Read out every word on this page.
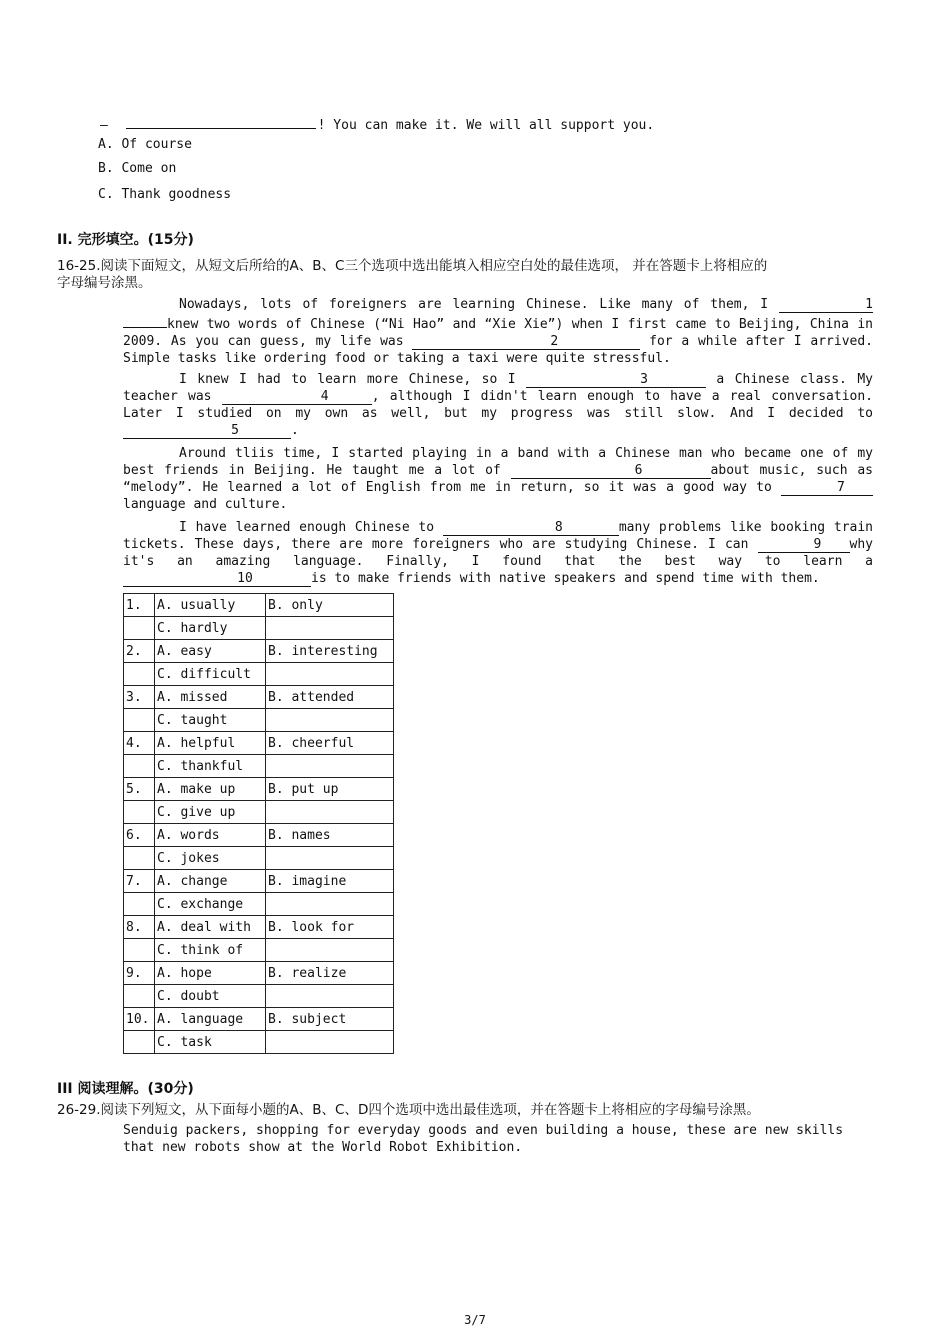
—	! You can make it. We will all support you.
A. Of course
B. Come on
C. Thank goodness
II. 完形填空。(15分)
16-25.阅读下面短文，从短文后所给的A、B、C三个选项中选出能填入相应空白处的最佳选项， 并在答题卡上将相应的
字母编号涂黑。
Nowadays, lots of foreigners are learning Chinese. Like many of them, I	1 knew two words of Chinese (“Ni Hao” and “Xie Xie”) when I first came to Beijing, China in 2009. As you can guess, my life was	2	for a while after I arrived. Simple tasks like ordering food or taking a taxi were quite stressful.
I knew I had to learn more Chinese, so I	3	a Chinese class. My teacher was	4	, although I didn't learn enough to have a real conversation. Later I studied on my own as well, but my progress was still slow. And I decided to 5	.
Around tliis time, I started playing in a band with a Chinese man who became one of my best friends in Beijing. He taught me a lot of	6	about music, such as “melody”. He learned a lot of English from me in return, so it was a good way to	7language and culture.
I have learned enough Chinese to	8	many problems like booking train tickets. These days, there are more foreigners who are studying Chinese. I can	9 why it's an amazing language. Finally, I found that the best way to learn a 10	is to make friends with native speakers and spend time with them.
1.	A. usually	B. only
	C. hardly	
2.	A. easy	B. interesting
	C. difficult	
3.	A. missed	B. attended
	C. taught	
4.	A. helpful	B. cheerful
	C. thankful	
5.	A. make up	B. put up
	C. give up	
6.	A. words	B. names
	C. jokes	
7.	A. change	B. imagine
	C. exchange	
8.	A. deal with	B. look for
	C. think of	
9.	A. hope	B. realize
	C. doubt	
10.	A. language	B. subject
	C. task	
III 阅读理解。(30分)
26-29.阅读下列短文，从下面每小题的A、B、C、D四个选项中选出最佳选项，并在答题卡上将相应的字母编号涂黑。
Senduig packers, shopping for everyday goods and even building a house, these are new skills that new robots show at the World Robot Exhibition.
3/7
